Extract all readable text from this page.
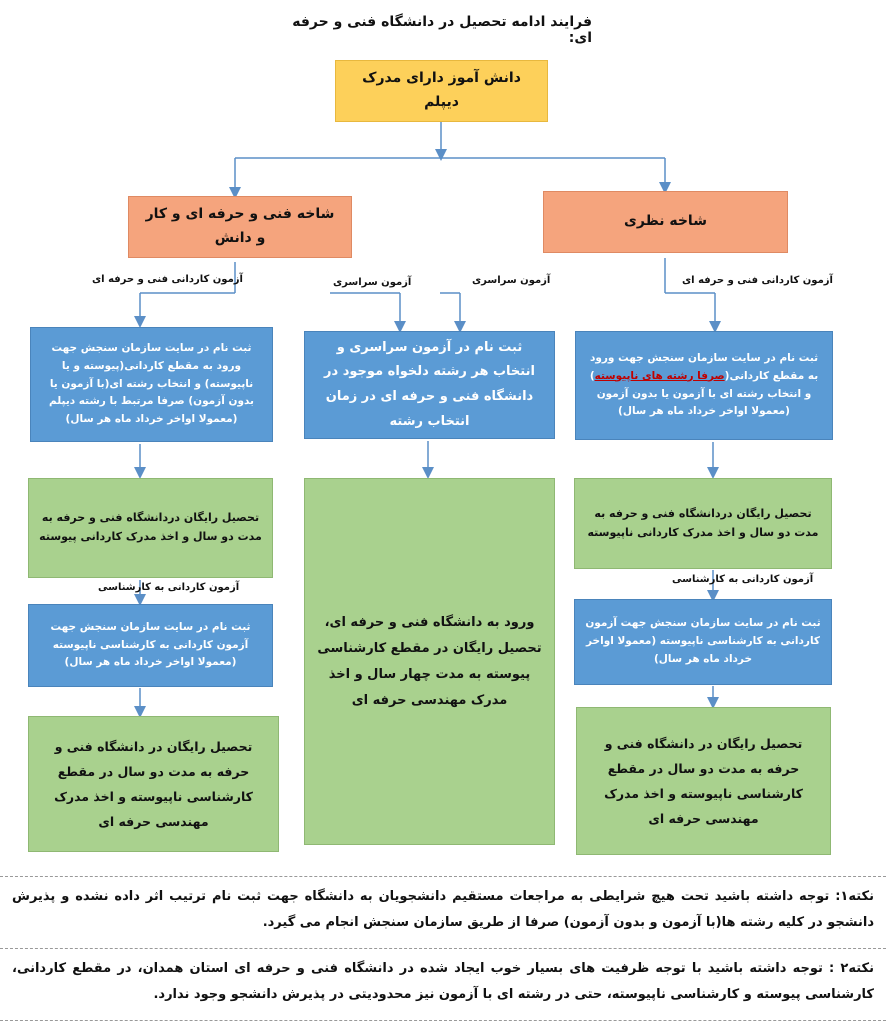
فرایند ادامه تحصیل در دانشگاه فنی و حرفه ای:
دانش آموز دارای مدرک دیپلم
شاخه نظری
شاخه فنی و حرفه ای و کار و دانش
آزمون کاردانی فنی و حرفه ای	آزمون سراسری	آزمون سراسری	آزمون کاردانی فنی و حرفه ای
ثبت نام در سایت سازمان سنجش جهت ورود به مقطع کاردانی(پیوسته و یا ناپیوسته) و انتخاب رشته ای(با آزمون یا بدون آزمون) صرفا مرتبط با رشته دیپلم (معمولا اواخر خرداد ماه هر سال)
تحصیل رایگان دردانشگاه فنی و حرفه به مدت دو سال و اخذ مدرک کاردانی پیوسته
آزمون کاردانی به کارشناسی
ثبت نام در سایت سازمان سنجش جهت آزمون کاردانی به کارشناسی ناپیوسته (معمولا اواخر خرداد ماه هر سال)
تحصیل رایگان در دانشگاه فنی و حرفه به مدت دو سال در مقطع کارشناسی ناپیوسته و اخذ مدرک مهندسی حرفه ای
ثبت نام در آزمون سراسری و انتخاب هر رشته دلخواه موجود در دانشگاه فنی و حرفه ای در زمان انتخاب رشته
ورود به دانشگاه فنی و حرفه ای، تحصیل رایگان در مقطع کارشناسی پیوسته به مدت چهار سال و اخذ مدرک مهندسی حرفه ای
ثبت نام در سایت سازمان سنجش جهت ورود به مقطع کاردانی(صرفا رشته های ناپیوسته) و انتخاب رشته ای با آزمون یا بدون آزمون (معمولا اواخر خرداد ماه هر سال)
تحصیل رایگان دردانشگاه فنی و حرفه به مدت دو سال و اخذ مدرک کاردانی ناپیوسته
آزمون کاردانی به کارشناسی
ثبت نام در سایت سازمان سنجش جهت آزمون کاردانی به کارشناسی ناپیوسته (معمولا اواخر خرداد ماه هر سال)
تحصیل رایگان در دانشگاه فنی و حرفه به مدت دو سال در مقطع کارشناسی ناپیوسته و اخذ مدرک مهندسی حرفه ای
نکته۱: توجه داشته باشید تحت هیچ شرایطی به مراجعات مستقیم دانشجویان به دانشگاه جهت ثبت نام ترتیب اثر داده نشده و پذیرش دانشجو در کلیه رشته ها(با آزمون و بدون آزمون) صرفا از طریق سازمان سنجش انجام می گیرد.
نکته۲ : توجه داشته باشید با توجه ظرفیت های بسیار خوب ایجاد شده در دانشگاه فنی و حرفه ای استان همدان، در مقطع کاردانی، کارشناسی پیوسته و کارشناسی ناپیوسته، حتی در رشته ای با آزمون نیز محدودیتی در پذیرش دانشجو وجود ندارد.
